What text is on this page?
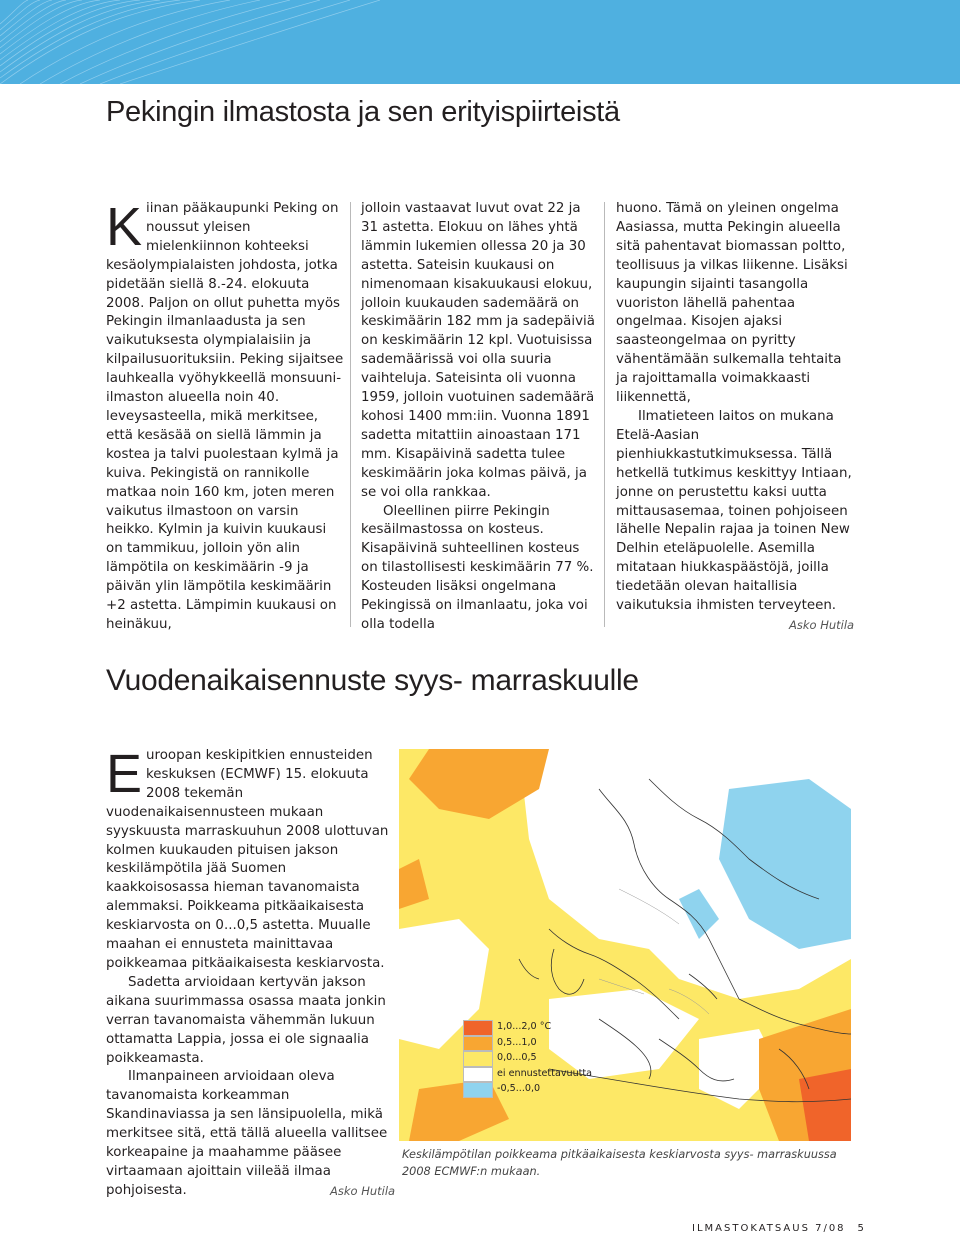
Pekingin ilmastosta ja sen erityispiirteistä
K iinan pääkaupunki Peking on noussut yleisen mielenkiinnon kohteeksi kesäolympialaisten johdosta, jotka pidetään siellä 8.-24. elokuuta 2008. Paljon on ollut puhetta myös Pekingin ilmanlaadusta ja sen vaikutuksesta olympialaisiin ja kilpailusuorituksiin. Peking sijaitsee lauhkealla vyöhykkeellä monsuuni-ilmaston alueella noin 40. leveysasteella, mikä merkitsee, että kesäsää on siellä lämmin ja kostea ja talvi puolestaan kylmä ja kuiva. Pekingistä on rannikolle matkaa noin 160 km, joten meren vaikutus ilmastoon on varsin heikko. Kylmin ja kuivin kuukausi on tammikuu, jolloin yön alin lämpötila on keskimäärin -9 ja päivän ylin lämpötila keskimäärin +2 astetta. Lämpimin kuukausi on heinäkuu,

jolloin vastaavat luvut ovat 22 ja 31 astetta. Elokuu on lähes yhtä lämmin lukemien ollessa 20 ja 30 astetta. Sateisin kuukausi on nimenomaan kisakuukausi elokuu, jolloin kuukauden sademäärä on keskimäärin 182 mm ja sadepäiviä on keskimäärin 12 kpl. Vuotuisissa sademäärissä voi olla suuria vaihteluja. Sateisinta oli vuonna 1959, jolloin vuotuinen sademäärä kohosi 1400 mm:iin. Vuonna 1891 sadetta mitattiin ainoastaan 171 mm. Kisapäivinä sadetta tulee keskimäärin joka kolmas päivä, ja se voi olla rankkaa.

Oleellinen piirre Pekingin kesäilmastossa on kosteus. Kisapäivinä suhteellinen kosteus on tilastollisesti keskimäärin 77 %. Kosteuden lisäksi ongelmana Pekingissä on ilmanlaatu, joka voi olla todella

huono. Tämä on yleinen ongelma Aasiassa, mutta Pekingin alueella sitä pahentavat biomassan poltto, teollisuus ja vilkas liikenne. Lisäksi kaupungin sijainti tasangolla vuoriston lähellä pahentaa ongelmaa. Kisojen ajaksi saasteongelmaa on pyritty vähentämään sulkemalla tehtaita ja rajoittamalla voimakkaasti liikennettä,

Ilmatieteen laitos on mukana Etelä-Aasian pienhiukkastutkimuksessa. Tällä hetkellä tutkimus keskittyy Intiaan, jonne on perustettu kaksi uutta mittausasemaa, toinen pohjoiseen lähelle Nepalin rajaa ja toinen New Delhin eteläpuolelle. Asemilla mitataan hiukkaspäästöjä, joilla tiedetään olevan haitallisia vaikutuksia ihmisten terveyteen.

Asko Hutila
Vuodenaikaisennuste syys- marraskuulle
E uroopan keskipitkien ennusteiden keskuksen (ECMWF) 15. elokuuta 2008 tekemän vuodenaikaisennusteen mukaan syyskuusta marraskuuhun 2008 ulottuvan kolmen kuukauden pituisen jakson keskilämpötila jää Suomen kaakkoisosassa hieman tavanomaista alemmaksi. Poikkeama pitkäaikaisesta keskiarvosta on 0...0,5 astetta. Muualle maahan ei ennusteta mainittavaa poikkeamaa pitkäaikaisesta keskiarvosta.

Sadetta arvioidaan kertyvän jakson aikana suurimmassa osassa maata jonkin verran tavanomaista vähemmän lukuun ottamatta Lappia, jossa ei ole signaalia poikkeamasta.

Ilmanpaineen arvioidaan oleva tavanomaista korkeamman Skandinaviassa ja sen länsipuolella, mikä merkitsee sitä, että tällä alueella vallitsee korkeapaine ja maahamme pääsee virtaamaan ajoittain viileää ilmaa pohjoisesta.	Asko Hutila
1,0...2,0 °C
0,5...1,0
0,0...0,5
ei ennustettavuutta
-0,5...0,0
Keskilämpötilan poikkeama pitkäaikaisesta keskiarvosta syys- marraskuussa 2008 ECMWF:n mukaan.
ILMASTOKATSAUS 7/08 5
